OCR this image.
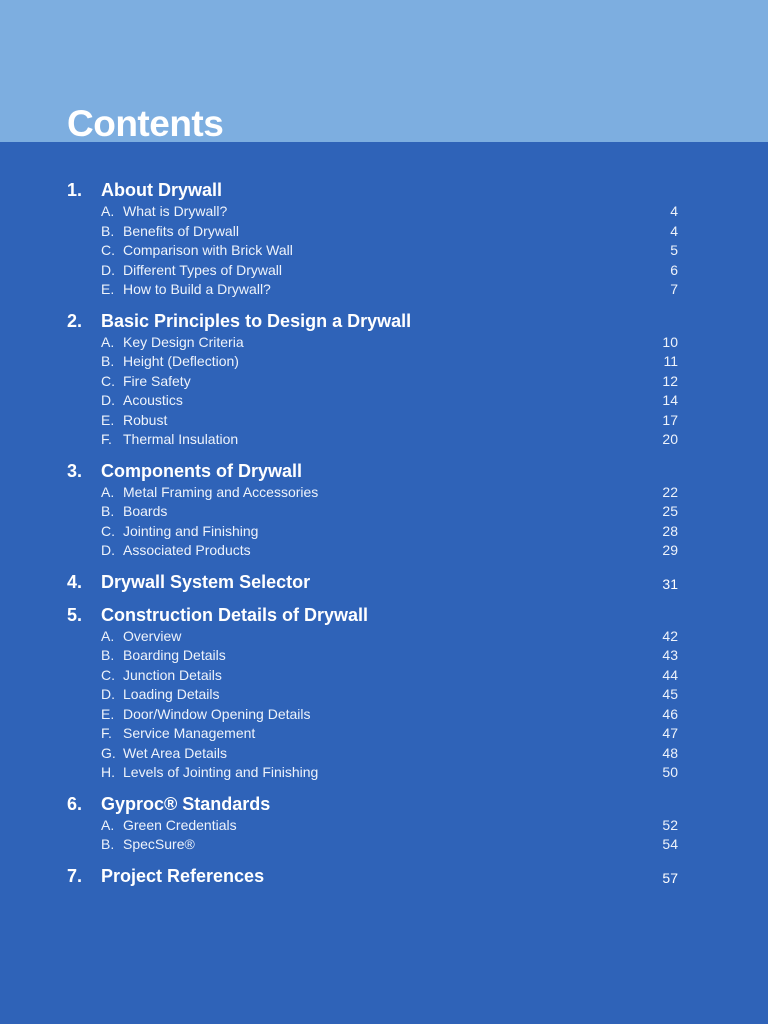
Contents
1. About Drywall
A. What is Drywall?	4
B. Benefits of Drywall	4
C. Comparison with Brick Wall	5
D. Different Types of Drywall	6
E. How to Build a Drywall?	7
2. Basic Principles to Design a Drywall
A. Key Design Criteria	10
B. Height (Deflection)	11
C. Fire Safety	12
D. Acoustics	14
E. Robust	17
F. Thermal Insulation	20
3. Components of Drywall
A. Metal Framing and Accessories	22
B. Boards	25
C. Jointing and Finishing	28
D. Associated Products	29
4. Drywall System Selector	31
5. Construction Details of Drywall
A. Overview	42
B. Boarding Details	43
C. Junction Details	44
D. Loading Details	45
E. Door/Window Opening Details	46
F. Service Management	47
G. Wet Area Details	48
H. Levels of Jointing and Finishing	50
6. Gyproc® Standards
A. Green Credentials	52
B. SpecSure®	54
7. Project References	57
